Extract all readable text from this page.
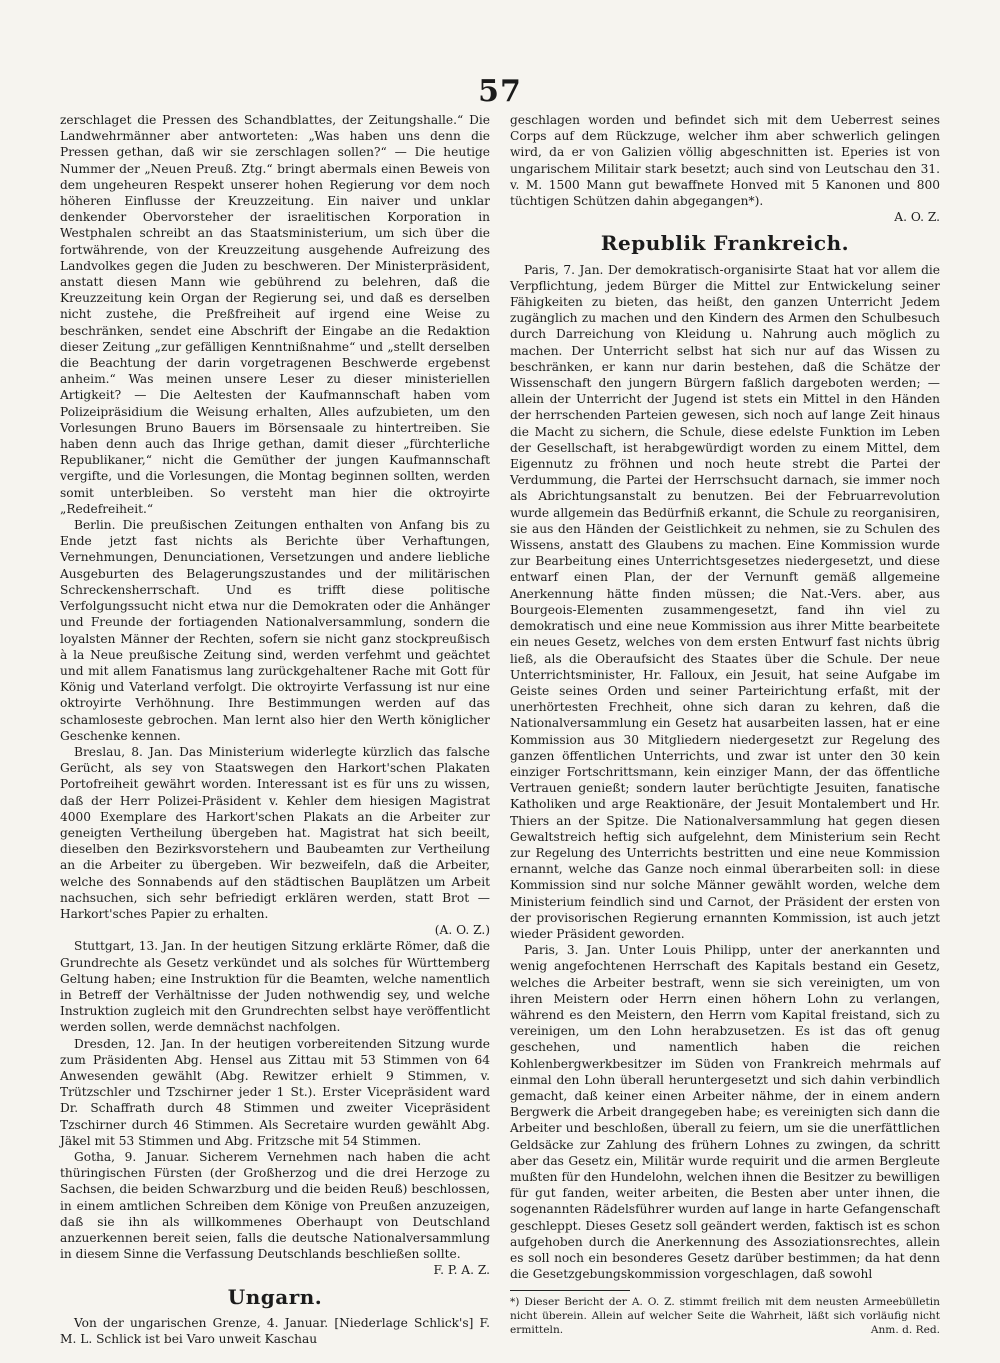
57

zerschlaget die Pressen des Schandblattes, der Zeitungshalle.“ Die Landwehrmänner aber antworteten: „Was haben uns denn die Pressen gethan, daß wir sie zerschlagen sollen?“ — Die heutige Nummer der „Neuen Preuß. Ztg.“ bringt abermals einen Beweis von dem ungeheuren Respekt unserer hohen Regierung vor dem noch höheren Einflusse der Kreuzzeitung. Ein naiver und unklar denkender Obervorsteher der israelitischen Korporation in Westphalen schreibt an das Staatsministerium, um sich über die fortwährende, von der Kreuzzeitung ausgehende Aufreizung des Landvolkes gegen die Juden zu beschweren. Der Ministerpräsident, anstatt diesen Mann wie gebührend zu belehren, daß die Kreuzzeitung kein Organ der Regierung sei, und daß es derselben nicht zustehe, die Preßfreiheit auf irgend eine Weise zu beschränken, sendet eine Abschrift der Eingabe an die Redaktion dieser Zeitung „zur gefälligen Kenntnißnahme“ und „stellt derselben die Beachtung der darin vorgetragenen Beschwerde ergebenst anheim.“ Was meinen unsere Leser zu dieser ministeriellen Artigkeit? — Die Aeltesten der Kaufmannschaft haben vom Polizeipräsidium die Weisung erhalten, Alles aufzubieten, um den Vorlesungen Bruno Bauers im Börsensaale zu hintertreiben. Sie haben denn auch das Ihrige gethan, damit dieser „fürchterliche Republikaner,“ nicht die Gemüther der jungen Kaufmannschaft vergifte, und die Vorlesungen, die Montag beginnen sollten, werden somit unterbleiben. So versteht man hier die oktroyirte „Redefreiheit.“

Berlin. Die preußischen Zeitungen enthalten von Anfang bis zu Ende jetzt fast nichts als Berichte über Verhaftungen, Vernehmungen, Denunciationen, Versetzungen und andere liebliche Ausgeburten des Belagerungszustandes und der militärischen Schreckensherrschaft. Und es trifft diese politische Verfolgungssucht nicht etwa nur die Demokraten oder die Anhänger und Freunde der fortiagenden Nationalversammlung, sondern die loyalsten Männer der Rechten, sofern sie nicht ganz stockpreußisch à la Neue preußische Zeitung sind, werden verfehmt und geächtet und mit allem Fanatismus lang zurückgehaltener Rache mit Gott für König und Vaterland verfolgt. Die oktroyirte Verfassung ist nur eine oktroyirte Verhöhnung. Ihre Bestimmungen werden auf das schamloseste gebrochen. Man lernt also hier den Werth königlicher Geschenke kennen.

Breslau, 8. Jan. Das Ministerium widerlegte kürzlich das falsche Gerücht, als sey von Staatswegen den Harkort'schen Plakaten Portofreiheit gewährt worden. Interessant ist es für uns zu wissen, daß der Herr Polizei-Präsident v. Kehler dem hiesigen Magistrat 4000 Exemplare des Harkort'schen Plakats an die Arbeiter zur geneigten Vertheilung übergeben hat. Magistrat hat sich beeilt, dieselben den Bezirksvorstehern und Baubeamten zur Vertheilung an die Arbeiter zu übergeben. Wir bezweifeln, daß die Arbeiter, welche des Sonnabends auf den städtischen Bauplätzen um Arbeit nachsuchen, sich sehr befriedigt erklären werden, statt Brot — Harkort'sches Papier zu erhalten.

(A. O. Z.)

Stuttgart, 13. Jan. In der heutigen Sitzung erklärte Römer, daß die Grundrechte als Gesetz verkündet und als solches für Württemberg Geltung haben; eine Instruktion für die Beamten, welche namentlich in Betreff der Verhältnisse der Juden nothwendig sey, und welche Instruktion zugleich mit den Grundrechten selbst haye veröffentlicht werden sollen, werde demnächst nachfolgen.

Dresden, 12. Jan. In der heutigen vorbereitenden Sitzung wurde zum Präsidenten Abg. Hensel aus Zittau mit 53 Stimmen von 64 Anwesenden gewählt (Abg. Rewitzer erhielt 9 Stimmen, v. Trützschler und Tzschirner jeder 1 St.). Erster Vicepräsident ward Dr. Schaffrath durch 48 Stimmen und zweiter Vicepräsident Tzschirner durch 46 Stimmen. Als Secretaire wurden gewählt Abg. Jäkel mit 53 Stimmen und Abg. Fritzsche mit 54 Stimmen.

Gotha, 9. Januar. Sicherem Vernehmen nach haben die acht thüringischen Fürsten (der Großherzog und die drei Herzoge zu Sachsen, die beiden Schwarzburg und die beiden Reuß) beschlossen, in einem amtlichen Schreiben dem Könige von Preußen anzuzeigen, daß sie ihn als willkommenes Oberhaupt von Deutschland anzuerkennen bereit seien, falls die deutsche Nationalversammlung in diesem Sinne die Verfassung Deutschlands beschließen sollte.

F. P. A. Z.
Ungarn.

Von der ungarischen Grenze, 4. Januar. [Niederlage Schlick's] F. M. L. Schlick ist bei Varo unweit Kaschau

geschlagen worden und befindet sich mit dem Ueberrest seines Corps auf dem Rückzuge, welcher ihm aber schwerlich gelingen wird, da er von Galizien völlig abgeschnitten ist. Eperies ist von ungarischem Militair stark besetzt; auch sind von Leutschau den 31. v. M. 1500 Mann gut bewaffnete Honved mit 5 Kanonen und 800 tüchtigen Schützen dahin abgegangen*).

A. O. Z.
Republik Frankreich.

Paris, 7. Jan. Der demokratisch-organisirte Staat hat vor allem die Verpflichtung, jedem Bürger die Mittel zur Entwickelung seiner Fähigkeiten zu bieten, das heißt, den ganzen Unterricht Jedem zugänglich zu machen und den Kindern des Armen den Schulbesuch durch Darreichung von Kleidung u. Nahrung auch möglich zu machen. Der Unterricht selbst hat sich nur auf das Wissen zu beschränken, er kann nur darin bestehen, daß die Schätze der Wissenschaft den jungern Bürgern faßlich dargeboten werden; — allein der Unterricht der Jugend ist stets ein Mittel in den Händen der herrschenden Parteien gewesen, sich noch auf lange Zeit hinaus die Macht zu sichern, die Schule, diese edelste Funktion im Leben der Gesellschaft, ist herabgewürdigt worden zu einem Mittel, dem Eigennutz zu fröhnen und noch heute strebt die Partei der Verdummung, die Partei der Herrschsucht darnach, sie immer noch als Abrichtungsanstalt zu benutzen. Bei der Februarrevolution wurde allgemein das Bedürfniß erkannt, die Schule zu reorganisiren, sie aus den Händen der Geistlichkeit zu nehmen, sie zu Schulen des Wissens, anstatt des Glaubens zu machen. Eine Kommission wurde zur Bearbeitung eines Unterrichtsgesetzes niedergesetzt, und diese entwarf einen Plan, der der Vernunft gemäß allgemeine Anerkennung hätte finden müssen; die Nat.-Vers. aber, aus Bourgeois-Elementen zusammengesetzt, fand ihn viel zu demokratisch und eine neue Kommission aus ihrer Mitte bearbeitete ein neues Gesetz, welches von dem ersten Entwurf fast nichts übrig ließ, als die Oberaufsicht des Staates über die Schule. Der neue Unterrichtsminister, Hr. Falloux, ein Jesuit, hat seine Aufgabe im Geiste seines Orden und seiner Parteirichtung erfaßt, mit der unerhörtesten Frechheit, ohne sich daran zu kehren, daß die Nationalversammlung ein Gesetz hat ausarbeiten lassen, hat er eine Kommission aus 30 Mitgliedern niedergesetzt zur Regelung des ganzen öffentlichen Unterrichts, und zwar ist unter den 30 kein einziger Fortschrittsmann, kein einziger Mann, der das öffentliche Vertrauen genießt; sondern lauter berüchtigte Jesuiten, fanatische Katholiken und arge Reaktionäre, der Jesuit Montalembert und Hr. Thiers an der Spitze. Die Nationalversammlung hat gegen diesen Gewaltstreich heftig sich aufgelehnt, dem Ministerium sein Recht zur Regelung des Unterrichts bestritten und eine neue Kommission ernannt, welche das Ganze noch einmal überarbeiten soll: in diese Kommission sind nur solche Männer gewählt worden, welche dem Ministerium feindlich sind und Carnot, der Präsident der ersten von der provisorischen Regierung ernannten Kommission, ist auch jetzt wieder Präsident geworden.

Paris, 3. Jan. Unter Louis Philipp, unter der anerkannten und wenig angefochtenen Herrschaft des Kapitals bestand ein Gesetz, welches die Arbeiter bestraft, wenn sie sich vereinigten, um von ihren Meistern oder Herrn einen höhern Lohn zu verlangen, während es den Meistern, den Herrn vom Kapital freistand, sich zu vereinigen, um den Lohn herabzusetzen. Es ist das oft genug geschehen, und namentlich haben die reichen Kohlenbergwerkbesitzer im Süden von Frankreich mehrmals auf einmal den Lohn überall heruntergesetzt und sich dahin verbindlich gemacht, daß keiner einen Arbeiter nähme, der in einem andern Bergwerk die Arbeit drangegeben habe; es vereinigten sich dann die Arbeiter und beschloßen, überall zu feiern, um sie die unerfättlichen Geldsäcke zur Zahlung des frühern Lohnes zu zwingen, da schritt aber das Gesetz ein, Militär wurde requirit und die armen Bergleute mußten für den Hundelohn, welchen ihnen die Besitzer zu bewilligen für gut fanden, weiter arbeiten, die Besten aber unter ihnen, die sogenannten Rädelsführer wurden auf lange in harte Gefangenschaft geschleppt. Dieses Gesetz soll geändert werden, faktisch ist es schon aufgehoben durch die Anerkennung des Assoziationsrechtes, allein es soll noch ein besonderes Gesetz darüber bestimmen; da hat denn die Gesetzgebungskommission vorgeschlagen, daß sowohl

*) Dieser Bericht der A. O. Z. stimmt freilich mit dem neusten Armeebülletin nicht überein. Allein auf welcher Seite die Wahrheit, läßt sich vorläufig nicht ermitteln.	Anm. d. Red.
